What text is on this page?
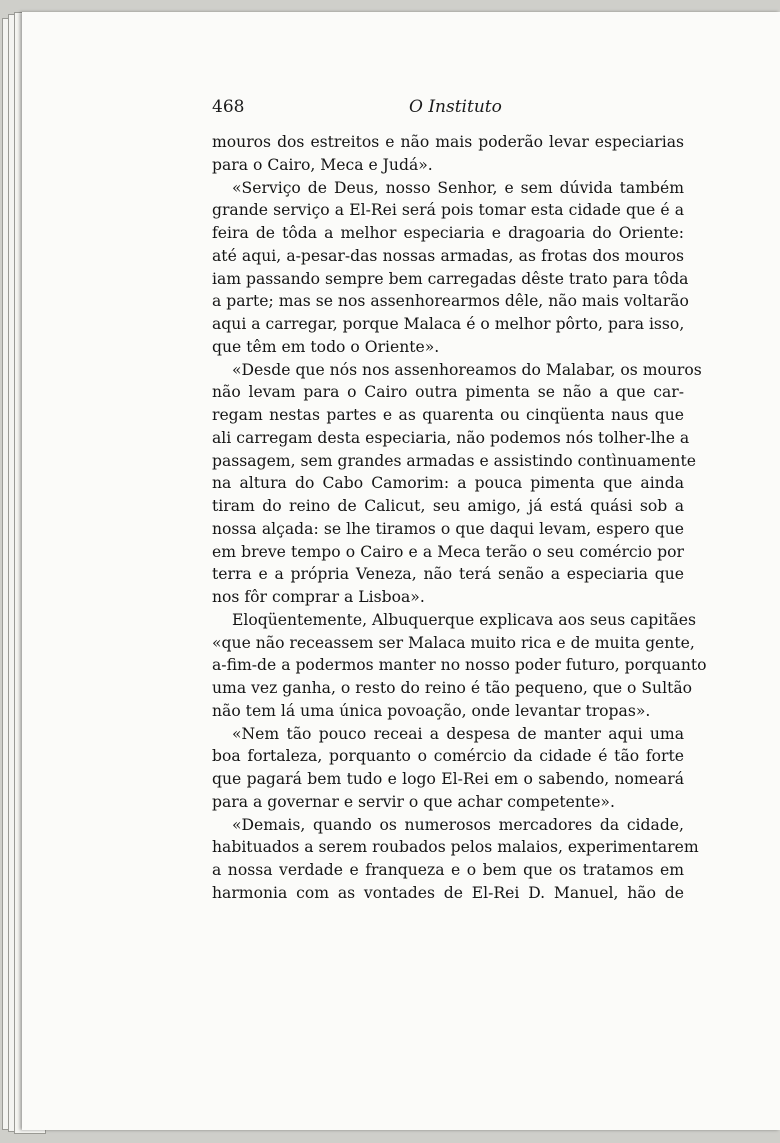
468	O Instituto
mouros dos estreitos e não mais poderão levar especiarias
para o Cairo, Meca e Judá».
«Serviço de Deus, nosso Senhor, e sem dúvida também
grande serviço a El-Rei será pois tomar esta cidade que é a
feira de tôda a melhor especiaria e dragoaria do Oriente:
até aqui, a-pesar-das nossas armadas, as frotas dos mouros
iam passando sempre bem carregadas dêste trato para tôda
a parte; mas se nos assenhorearmos dêle, não mais voltarão
aqui a carregar, porque Malaca é o melhor pôrto, para isso,
que têm em todo o Oriente».
«Desde que nós nos assenhoreamos do Malabar, os mouros
não levam para o Cairo outra pimenta se não a que car-
regam nestas partes e as quarenta ou cinqüenta naus que
ali carregam desta especiaria, não podemos nós tolher-lhe a
passagem, sem grandes armadas e assistindo contìnuamente
na altura do Cabo Camorim: a pouca pimenta que ainda
tiram do reino de Calicut, seu amigo, já está quási sob a
nossa alçada: se lhe tiramos o que daqui levam, espero que
em breve tempo o Cairo e a Meca terão o seu comércio por
terra e a própria Veneza, não terá senão a especiaria que
nos fôr comprar a Lisboa».
Eloqüentemente, Albuquerque explicava aos seus capitães
«que não receassem ser Malaca muito rica e de muita gente,
a-fim-de a podermos manter no nosso poder futuro, porquanto
uma vez ganha, o resto do reino é tão pequeno, que o Sultão
não tem lá uma única povoação, onde levantar tropas».
«Nem tão pouco receai a despesa de manter aqui uma
boa fortaleza, porquanto o comércio da cidade é tão forte
que pagará bem tudo e logo El-Rei em o sabendo, nomeará
para a governar e servir o que achar competente».
«Demais, quando os numerosos mercadores da cidade,
habituados a serem roubados pelos malaios, experimentarem
a nossa verdade e franqueza e o bem que os tratamos em
harmonia com as vontades de El-Rei D. Manuel, hão de
